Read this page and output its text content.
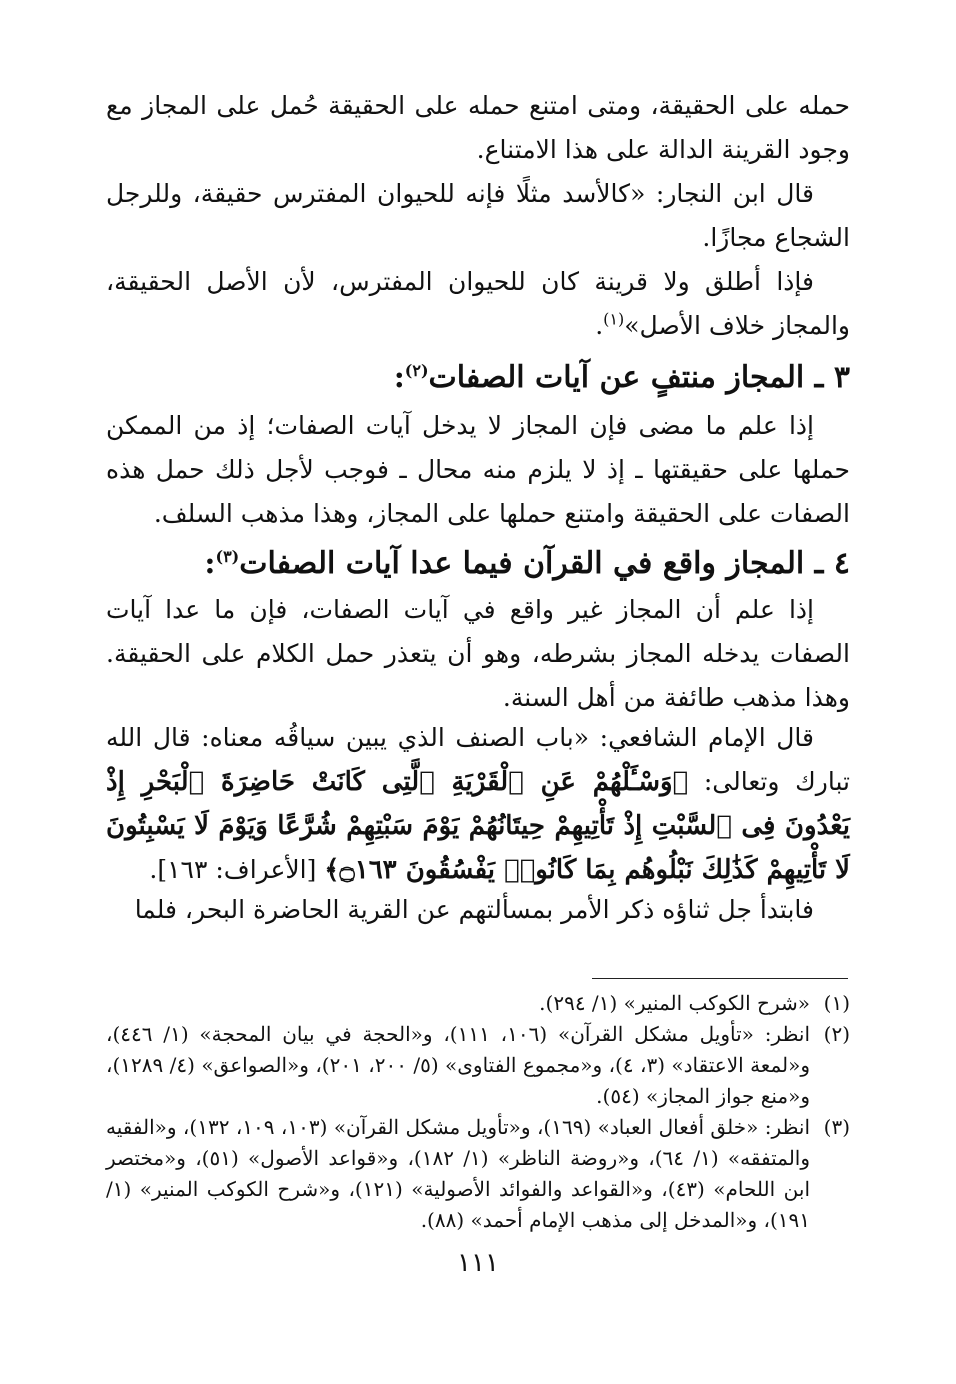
حمله على الحقيقة، ومتى امتنع حمله على الحقيقة حُمل على المجاز مع وجود القرينة الدالة على هذا الامتناع.

قال ابن النجار: «كالأسد مثلًا فإنه للحيوان المفترس حقيقة، وللرجل الشجاع مجازًا.

فإذا أطلق ولا قرينة كان للحيوان المفترس، لأن الأصل الحقيقة، والمجاز خلاف الأصل»$^{(١)}$.

٣ ـ المجاز منتفٍ عن آيات الصفات$^{(٢)}$:

إذا علم ما مضى فإن المجاز لا يدخل آيات الصفات؛ إذ من الممكن حملها على حقيقتها ـ إذ لا يلزم منه محال ـ فوجب لأجل ذلك حمل هذه الصفات على الحقيقة وامتنع حملها على المجاز، وهذا مذهب السلف.

٤ ـ المجاز واقع في القرآن فيما عدا آيات الصفات$^{(٣)}$:

إذا علم أن المجاز غير واقع في آيات الصفات، فإن ما عدا آيات الصفات يدخله المجاز بشرطه، وهو أن يتعذر حمل الكلام على الحقيقة. وهذا مذهب طائفة من أهل السنة.

قال الإمام الشافعي: «باب الصنف الذي يبين سياقُه معناه: قال الله تبارك وتعالى: ﴿وَسْـَٔلْهُمْ عَنِ ٱلْقَرْيَةِ ٱلَّتِى كَانَتْ حَاضِرَةَ ٱلْبَحْرِ إِذْ يَعْدُونَ فِى ٱلسَّبْتِ إِذْ تَأْتِيهِمْ حِيتَانُهُمْ يَوْمَ سَبْتِهِمْ شُرَّعًا وَيَوْمَ لَا يَسْبِتُونَ لَا تَأْتِيهِمْ كَذَٰلِكَ نَبْلُوهُم بِمَا كَانُوا۟ يَفْسُقُونَ ۝١٦٣﴾ [الأعراف: ١٦٣].

فابتدأ جل ثناؤه ذكر الأمر بمسألتهم عن القرية الحاضرة البحر، فلما

(١)
«شرح الكوكب المنير» (١/ ٢٩٤).
(٢)
انظر: «تأويل مشكل القرآن» (١٠٦، ١١١)، و«الحجة في بيان المحجة» (١/ ٤٤٦)، و«لمعة الاعتقاد» (٣، ٤)، و«مجموع الفتاوى» (٥/ ٢٠٠، ٢٠١)، و«الصواعق» (٤/ ١٢٨٩)، و«منع جواز المجاز» (٥٤).
(٣)
انظر: «خلق أفعال العباد» (١٦٩)، و«تأويل مشكل القرآن» (١٠٣، ١٠٩، ١٣٢)، و«الفقيه والمتفقه» (١/ ٦٤)، و«روضة الناظر» (١/ ١٨٢)، و«قواعد الأصول» (٥١)، و«مختصر ابن اللحام» (٤٣)، و«القواعد والفوائد الأصولية» (١٢١)، و«شرح الكوكب المنير» (١/ ١٩١)، و«المدخل إلى مذهب الإمام أحمد» (٨٨).
١١١
